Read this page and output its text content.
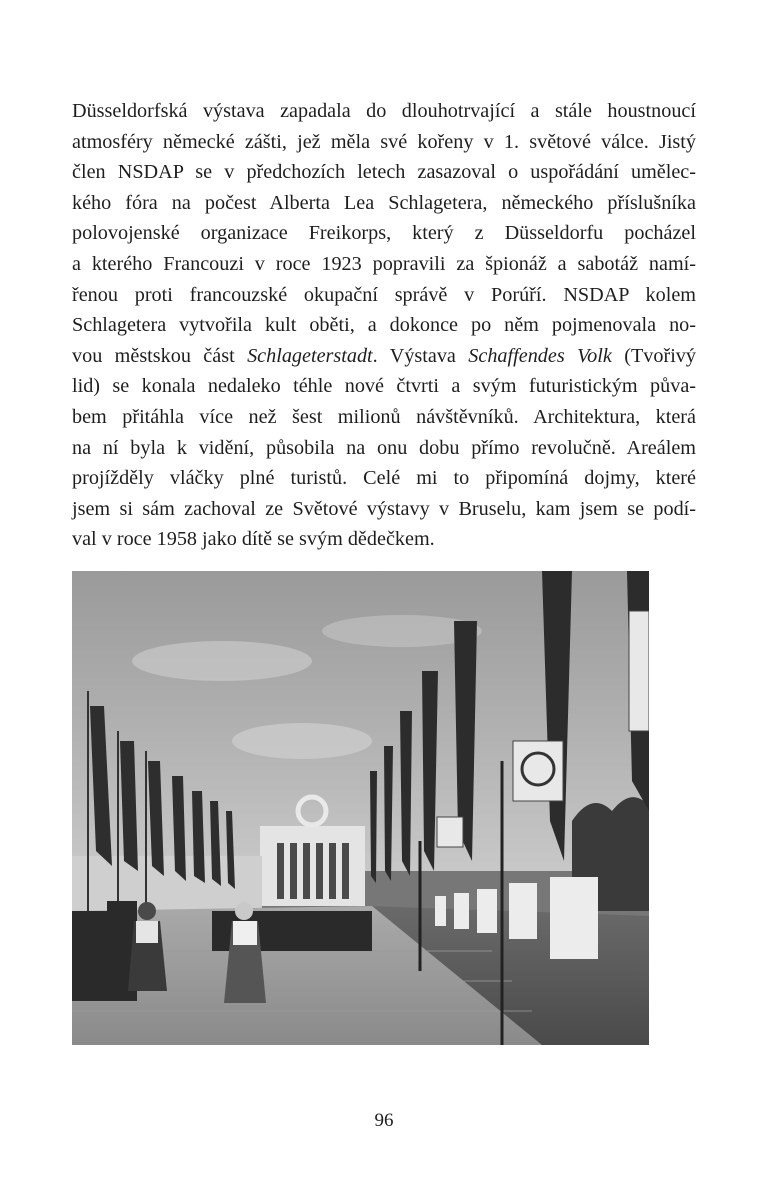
Düsseldorfská výstava zapadala do dlouhotrvající a stále houstnoucí
atmosféry německé zášti, jež měla své kořeny v 1. světové válce. Jistý
člen NSDAP se v předchozích letech zasazoval o uspořádání umělec-
kého fóra na počest Alberta Lea Schlagetera, německého příslušníka
polovojenské organizace Freikorps, který z Düsseldorfu pocházel
a kterého Francouzi v roce 1923 popravili za špionáž a sabotáž namí-
řenou proti francouzské okupační správě v Porúří. NSDAP kolem
Schlagetera vytvořila kult oběti, a dokonce po něm pojmenovala no-
vou městskou část Schlageterstadt. Výstava Schaffendes Volk (Tvořivý
lid) se konala nedaleko téhle nové čtvrti a svým futuristickým půva-
bem přitáhla více než šest milionů návštěvníků. Architektura, která
na ní byla k vidění, působila na onu dobu přímo revolučně. Areálem
projížděly vláčky plné turistů. Celé mi to připomíná dojmy, které
jsem si sám zachoval ze Světové výstavy v Bruselu, kam jsem se podí-
val v roce 1958 jako dítě se svým dědečkem.
96
